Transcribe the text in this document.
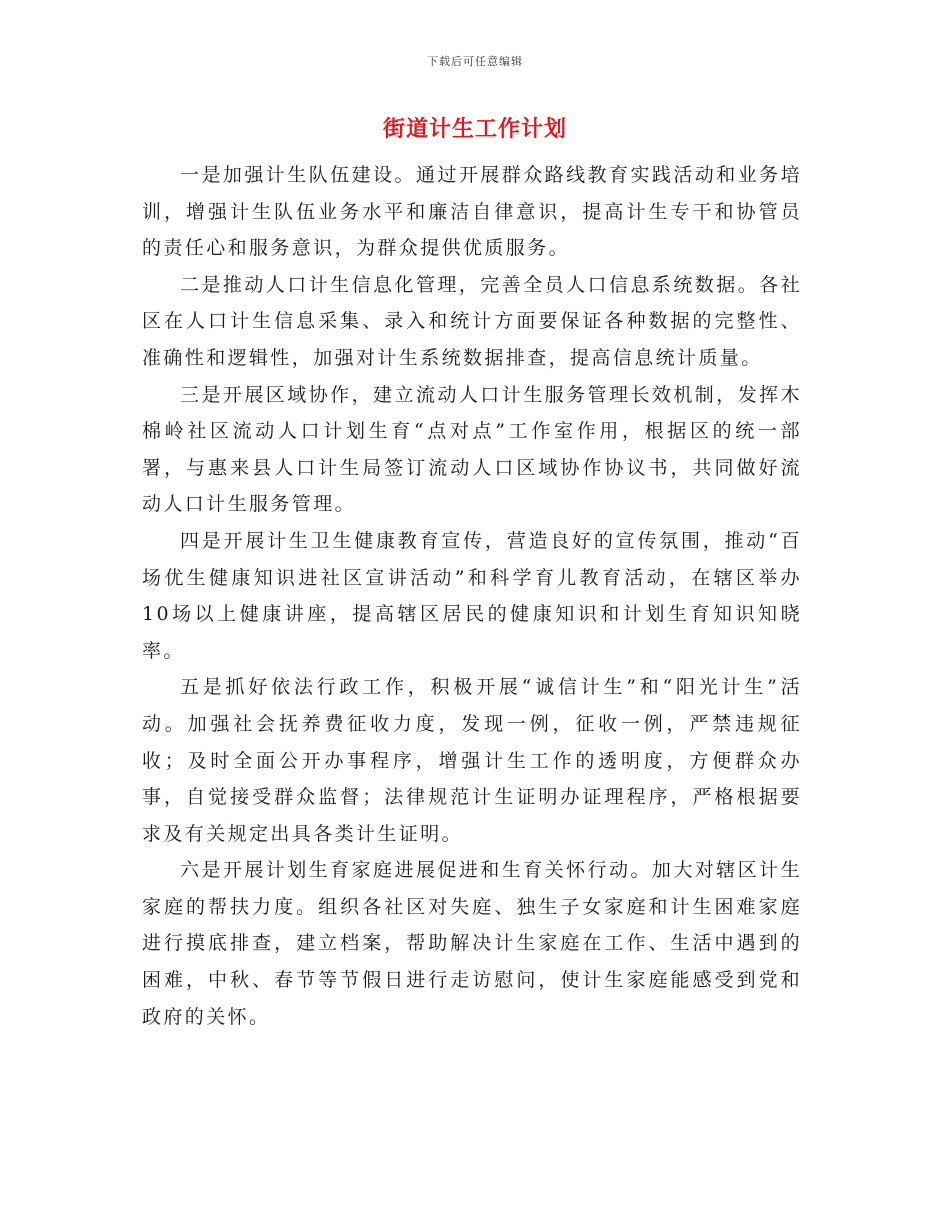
下载后可任意编辑
街道计生工作计划

一是加强计生队伍建设。通过开展群众路线教育实践活动和业务培训，增强计生队伍业务水平和廉洁自律意识，提高计生专干和协管员的责任心和服务意识，为群众提供优质服务。

二是推动人口计生信息化管理，完善全员人口信息系统数据。各社区在人口计生信息采集、录入和统计方面要保证各种数据的完整性、准确性和逻辑性，加强对计生系统数据排查，提高信息统计质量。

三是开展区域协作，建立流动人口计生服务管理长效机制，发挥木棉岭社区流动人口计划生育“点对点”工作室作用，根据区的统一部署，与惠来县人口计生局签订流动人口区域协作协议书，共同做好流动人口计生服务管理。

四是开展计生卫生健康教育宣传，营造良好的宣传氛围，推动“百场优生健康知识进社区宣讲活动”和科学育儿教育活动，在辖区举办10场以上健康讲座，提高辖区居民的健康知识和计划生育知识知晓率。

五是抓好依法行政工作，积极开展“诚信计生”和“阳光计生”活动。加强社会抚养费征收力度，发现一例，征收一例，严禁违规征收；及时全面公开办事程序，增强计生工作的透明度，方便群众办事，自觉接受群众监督；法律规范计生证明办证理程序，严格根据要求及有关规定出具各类计生证明。

六是开展计划生育家庭进展促进和生育关怀行动。加大对辖区计生家庭的帮扶力度。组织各社区对失庭、独生子女家庭和计生困难家庭进行摸底排查，建立档案，帮助解决计生家庭在工作、生活中遇到的困难，中秋、春节等节假日进行走访慰问，使计生家庭能感受到党和政府的关怀。
